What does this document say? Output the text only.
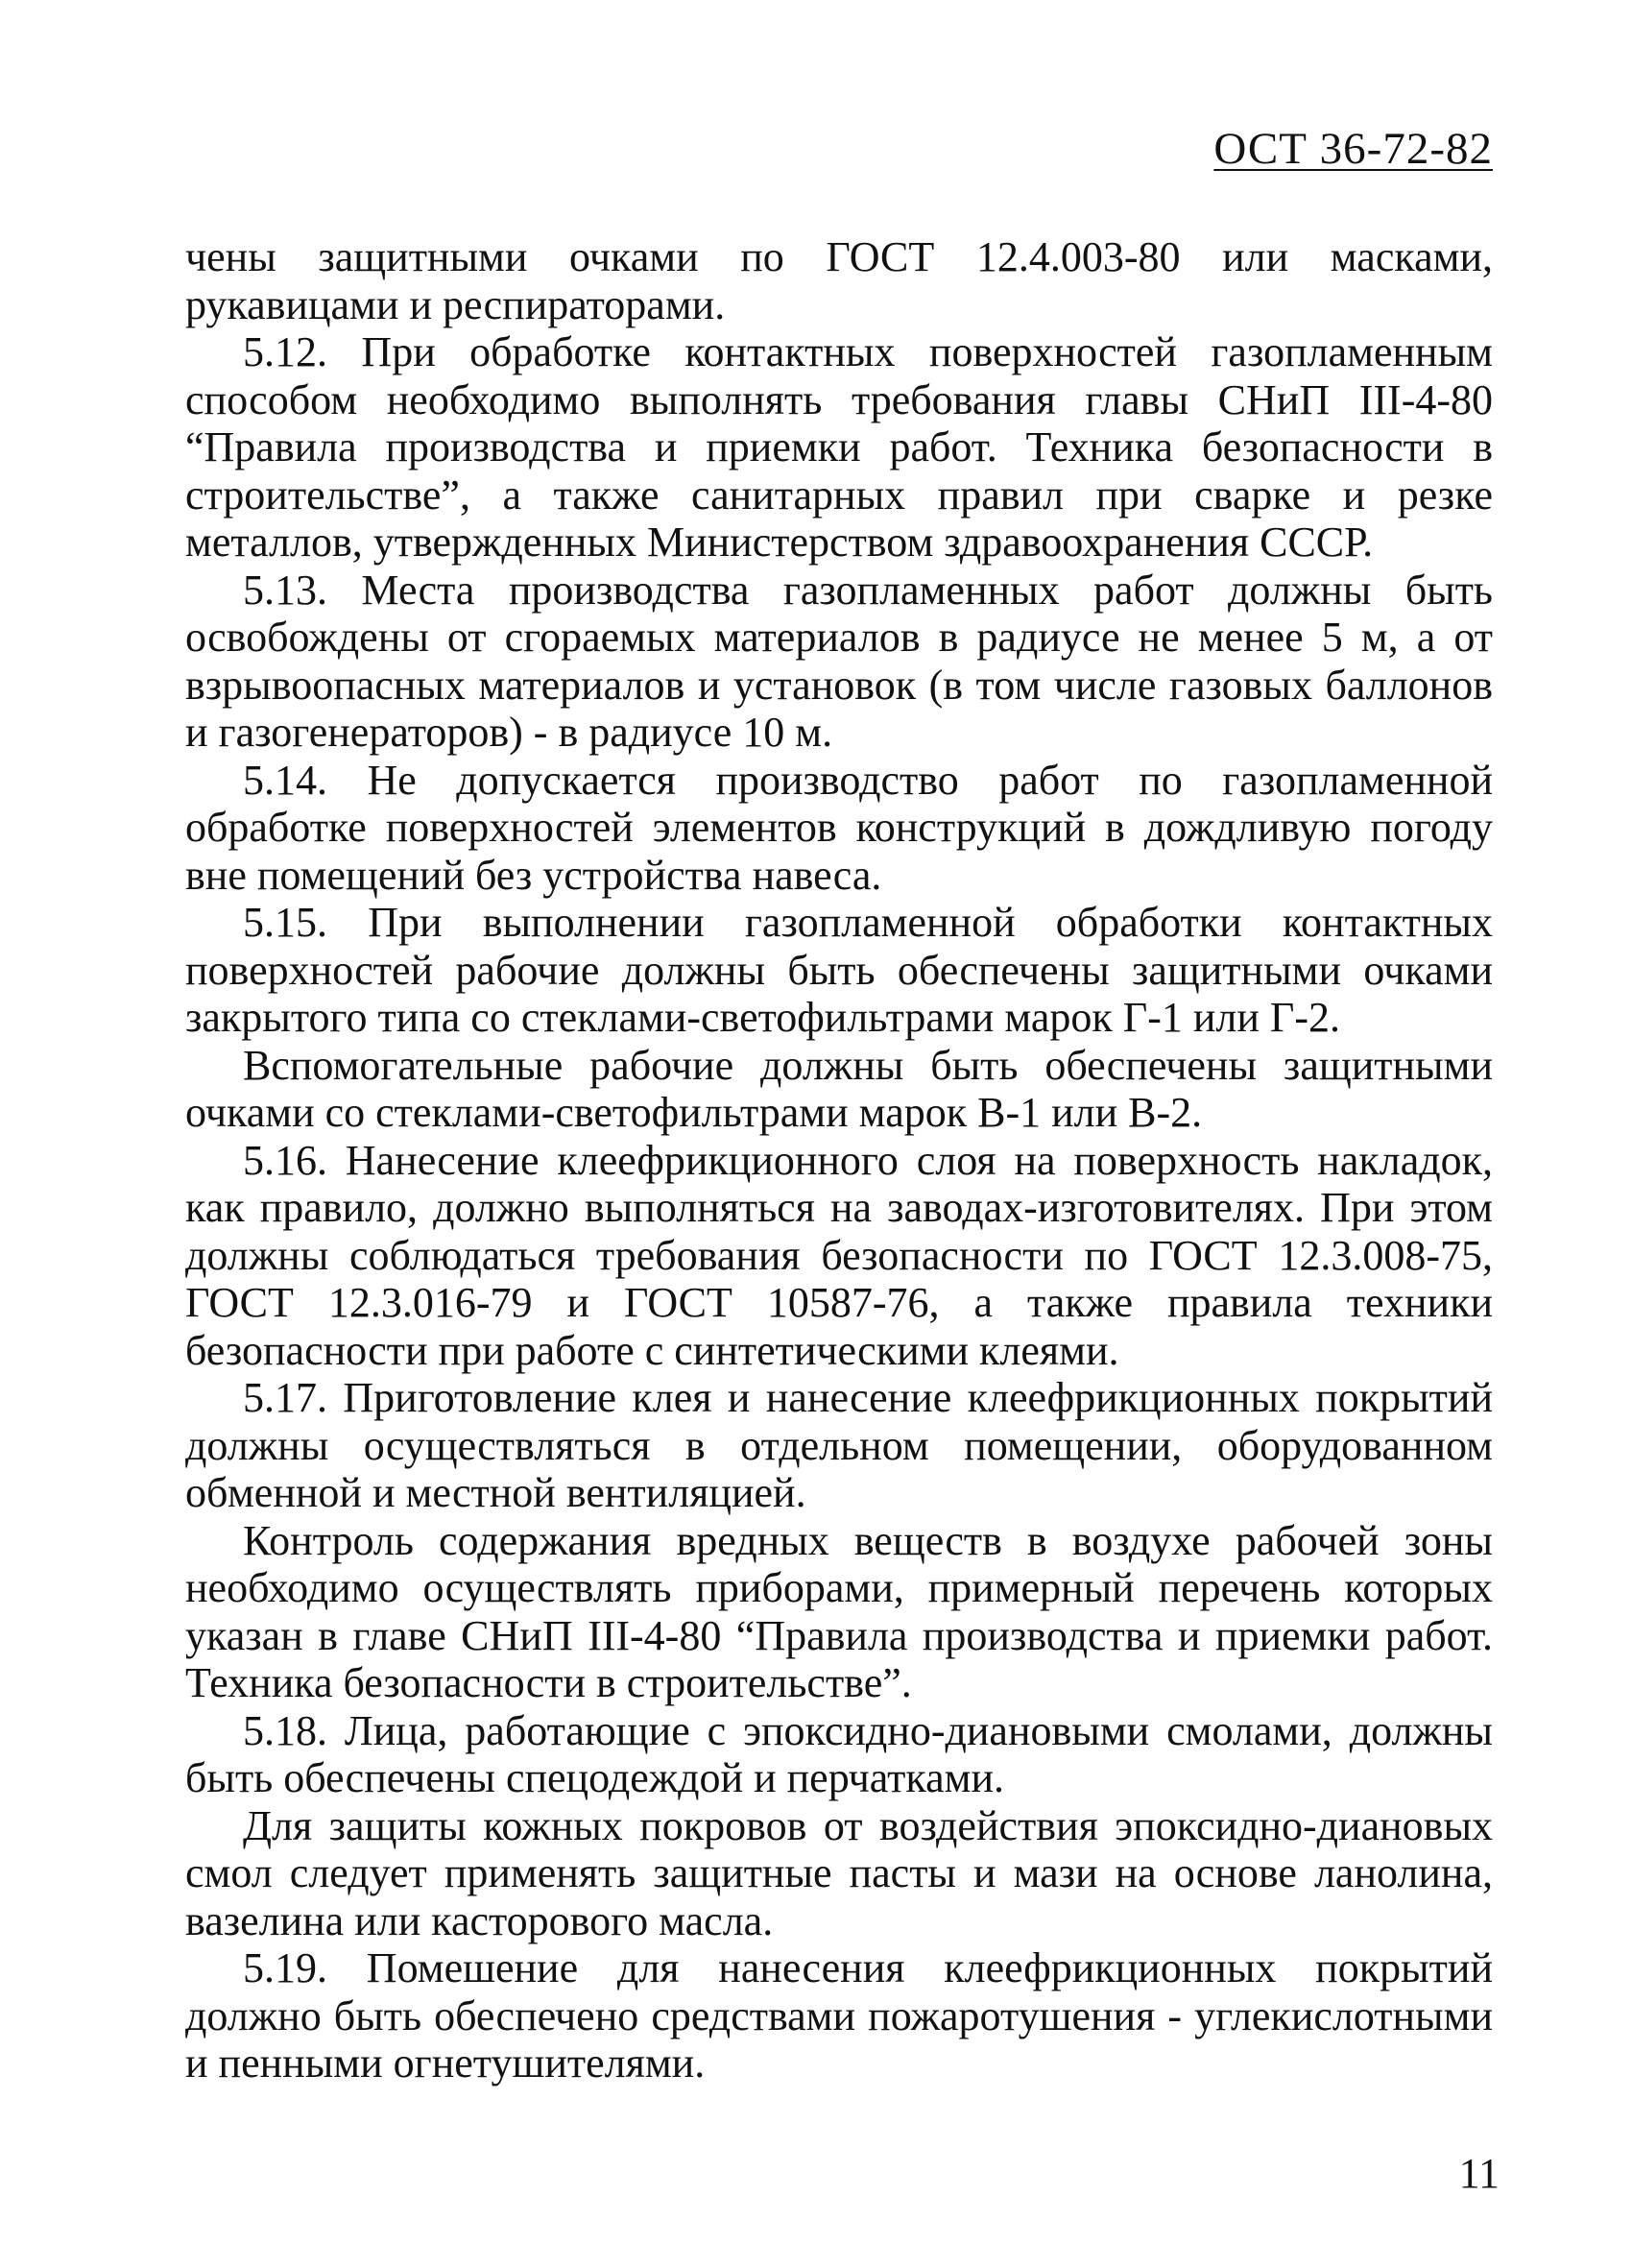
ОСТ 36-72-82

чены защитными очками по ГОСТ 12.4.003-80 или масками, рукавицами и респираторами.

5.12. При обработке контактных поверхностей газопламенным способом необходимо выполнять требования главы СНиП III-4-80 “Правила производства и приемки работ. Техника безопасности в строительстве”, а также санитарных правил при сварке и резке металлов, утвержденных Министерством здравоохранения СССР.

5.13. Места производства газопламенных работ должны быть освобождены от сгораемых материалов в радиусе не менее 5 м, а от взрывоопасных материалов и установок (в том числе газовых баллонов и газогенераторов) - в радиусе 10 м.

5.14. Не допускается производство работ по газопламенной обработке поверхностей элементов конструкций в дождливую погоду вне помещений без устройства навеса.

5.15. При выполнении газопламенной обработки контактных поверхностей рабочие должны быть обеспечены защитными очками закрытого типа со стеклами-светофильтрами марок Г-1 или Г-2.

Вспомогательные рабочие должны быть обеспечены защитными очками со стеклами-светофильтрами марок В-1 или В-2.

5.16. Нанесение клеефрикционного слоя на поверхность накладок, как правило, должно выполняться на заводах-изготовителях. При этом должны соблюдаться требования безопасности по ГОСТ 12.3.008-75, ГОСТ 12.3.016-79 и ГОСТ 10587-76, а также правила техники безопасности при работе с синтетическими клеями.

5.17. Приготовление клея и нанесение клеефрикционных покрытий должны осуществляться в отдельном помещении, оборудованном обменной и местной вентиляцией.

Контроль содержания вредных веществ в воздухе рабочей зоны необходимо осуществлять приборами, примерный перечень которых указан в главе СНиП III-4-80 “Правила производства и приемки работ. Техника безопасности в строительстве”.

5.18. Лица, работающие с эпоксидно-диановыми смолами, должны быть обеспечены спецодеждой и перчатками.

Для защиты кожных покровов от воздействия эпоксидно-диановых смол следует применять защитные пасты и мази на основе ланолина, вазелина или касторового масла.

5.19. Помешение для нанесения клеефрикционных покрытий должно быть обеспечено средствами пожаротушения - углекислотными и пенными огнетушителями.

11
